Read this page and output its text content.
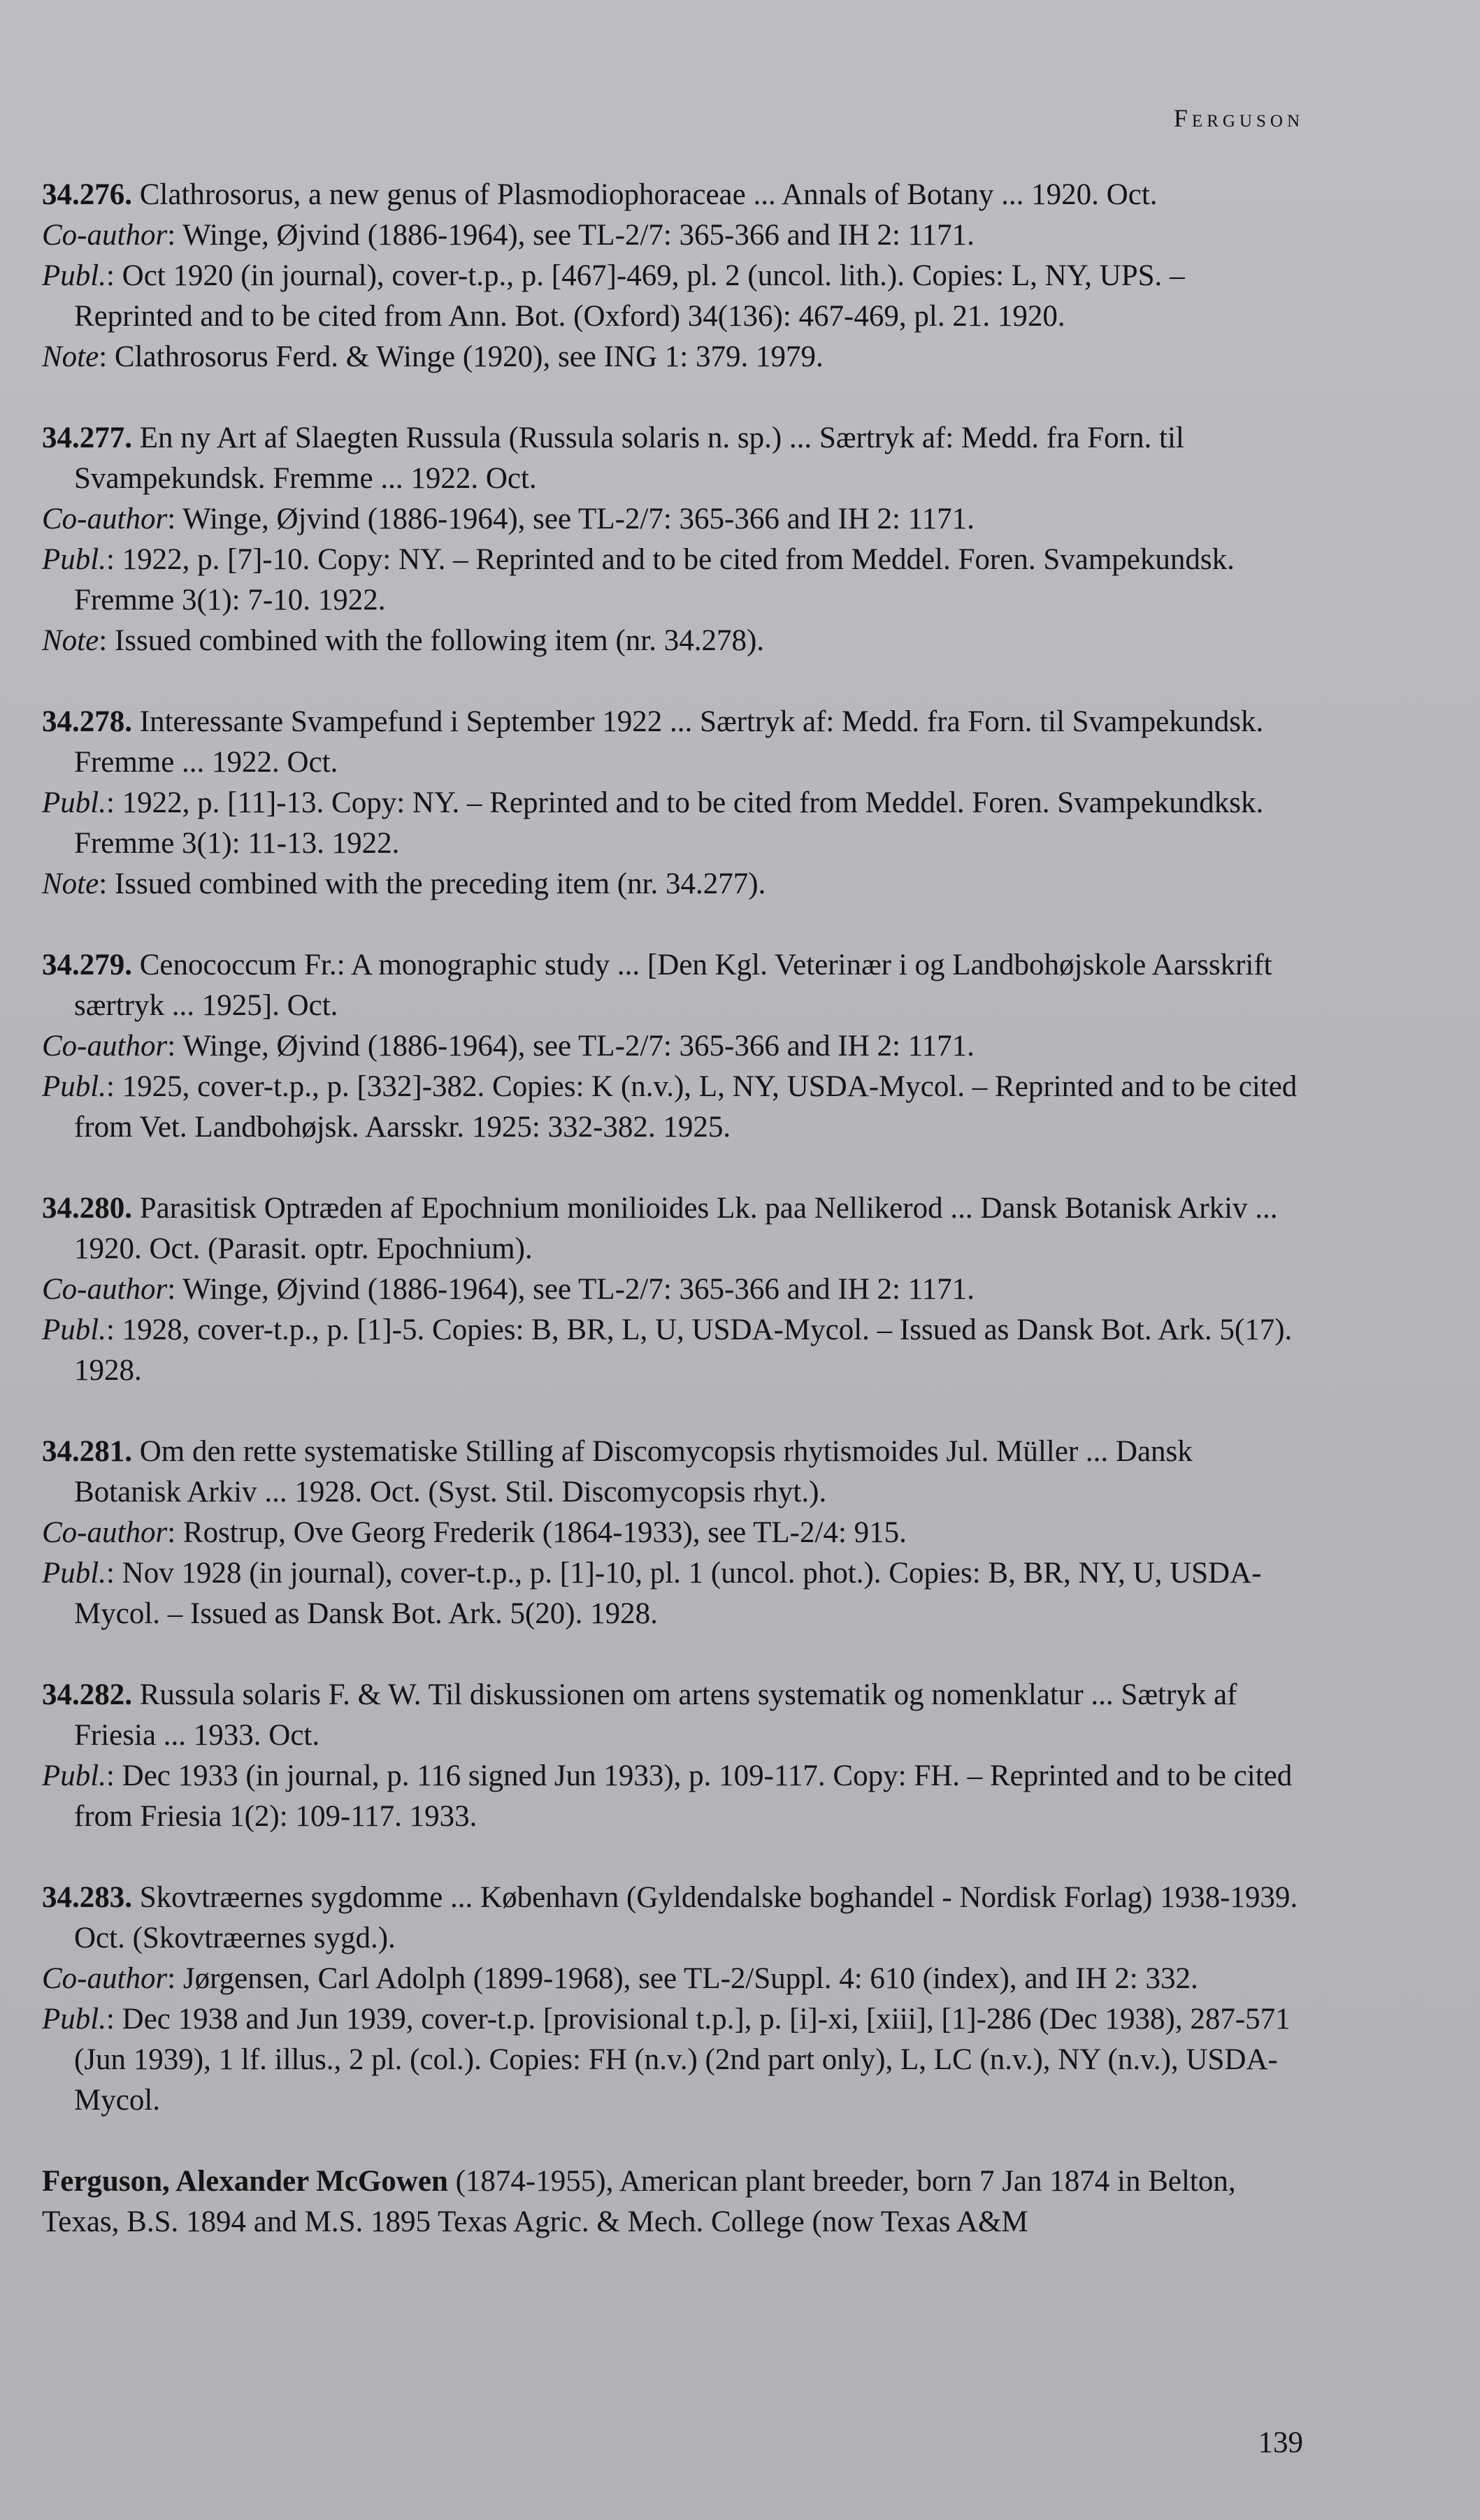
Ferguson
34.276. Clathrosorus, a new genus of Plasmodiophoraceae ... Annals of Botany ... 1920. Oct.
Co-author: Winge, Øjvind (1886-1964), see TL-2/7: 365-366 and IH 2: 1171.
Publ.: Oct 1920 (in journal), cover-t.p., p. [467]-469, pl. 2 (uncol. lith.). Copies: L, NY, UPS. – Reprinted and to be cited from Ann. Bot. (Oxford) 34(136): 467-469, pl. 21. 1920.
Note: Clathrosorus Ferd. & Winge (1920), see ING 1: 379. 1979.
34.277. En ny Art af Slaegten Russula (Russula solaris n. sp.) ... Særtryk af: Medd. fra Forn. til Svampekundsk. Fremme ... 1922. Oct.
Co-author: Winge, Øjvind (1886-1964), see TL-2/7: 365-366 and IH 2: 1171.
Publ.: 1922, p. [7]-10. Copy: NY. – Reprinted and to be cited from Meddel. Foren. Svampekundsk. Fremme 3(1): 7-10. 1922.
Note: Issued combined with the following item (nr. 34.278).
34.278. Interessante Svampefund i September 1922 ... Særtryk af: Medd. fra Forn. til Svampekundsk. Fremme ... 1922. Oct.
Publ.: 1922, p. [11]-13. Copy: NY. – Reprinted and to be cited from Meddel. Foren. Svampekundksk. Fremme 3(1): 11-13. 1922.
Note: Issued combined with the preceding item (nr. 34.277).
34.279. Cenococcum Fr.: A monographic study ... [Den Kgl. Veterinær i og Landbohøjskole Aarsskrift særtryk ... 1925]. Oct.
Co-author: Winge, Øjvind (1886-1964), see TL-2/7: 365-366 and IH 2: 1171.
Publ.: 1925, cover-t.p., p. [332]-382. Copies: K (n.v.), L, NY, USDA-Mycol. – Reprinted and to be cited from Vet. Landbohøjsk. Aarsskr. 1925: 332-382. 1925.
34.280. Parasitisk Optræden af Epochnium monilioides Lk. paa Nellikerod ... Dansk Botanisk Arkiv ... 1920. Oct. (Parasit. optr. Epochnium).
Co-author: Winge, Øjvind (1886-1964), see TL-2/7: 365-366 and IH 2: 1171.
Publ.: 1928, cover-t.p., p. [1]-5. Copies: B, BR, L, U, USDA-Mycol. – Issued as Dansk Bot. Ark. 5(17). 1928.
34.281. Om den rette systematiske Stilling af Discomycopsis rhytismoides Jul. Müller ... Dansk Botanisk Arkiv ... 1928. Oct. (Syst. Stil. Discomycopsis rhyt.).
Co-author: Rostrup, Ove Georg Frederik (1864-1933), see TL-2/4: 915.
Publ.: Nov 1928 (in journal), cover-t.p., p. [1]-10, pl. 1 (uncol. phot.). Copies: B, BR, NY, U, USDA-Mycol. – Issued as Dansk Bot. Ark. 5(20). 1928.
34.282. Russula solaris F. & W. Til diskussionen om artens systematik og nomenklatur ... Sætryk af Friesia ... 1933. Oct.
Publ.: Dec 1933 (in journal, p. 116 signed Jun 1933), p. 109-117. Copy: FH. – Reprinted and to be cited from Friesia 1(2): 109-117. 1933.
34.283. Skovtræernes sygdomme ... København (Gyldendalske boghandel - Nordisk Forlag) 1938-1939. Oct. (Skovtræernes sygd.).
Co-author: Jørgensen, Carl Adolph (1899-1968), see TL-2/Suppl. 4: 610 (index), and IH 2: 332.
Publ.: Dec 1938 and Jun 1939, cover-t.p. [provisional t.p.], p. [i]-xi, [xiii], [1]-286 (Dec 1938), 287-571 (Jun 1939), 1 lf. illus., 2 pl. (col.). Copies: FH (n.v.) (2nd part only), L, LC (n.v.), NY (n.v.), USDA-Mycol.
Ferguson, Alexander McGowen (1874-1955), American plant breeder, born 7 Jan 1874 in Belton, Texas, B.S. 1894 and M.S. 1895 Texas Agric. & Mech. College (now Texas A&M
139
